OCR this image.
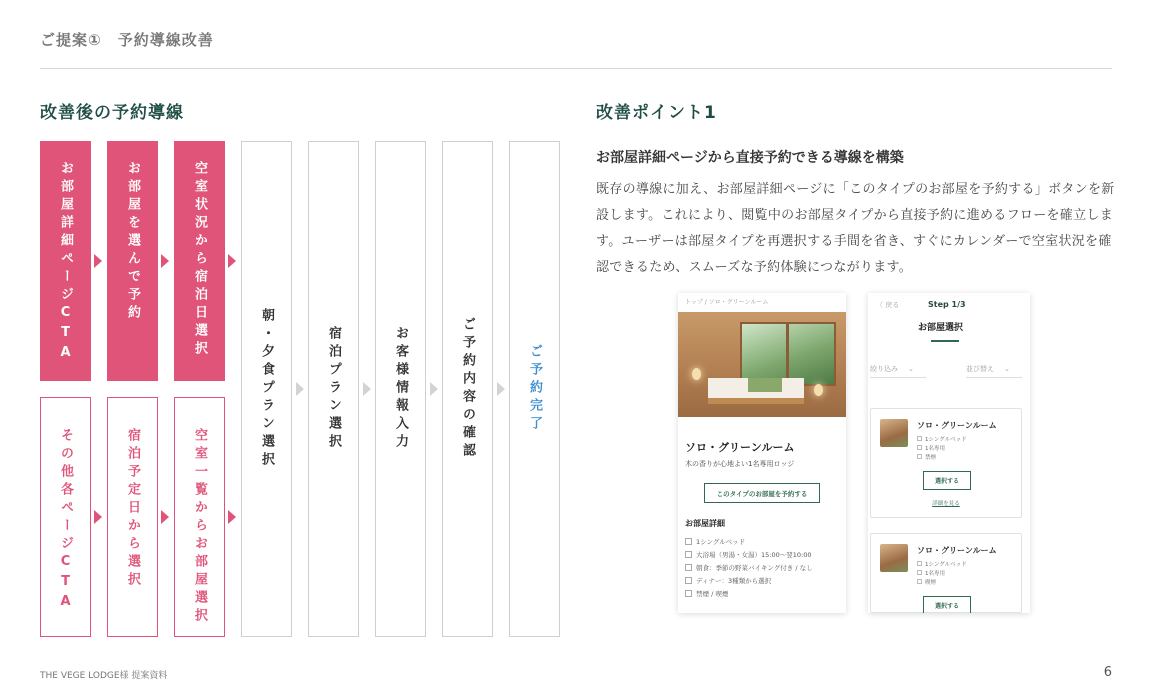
ご提案①　予約導線改善
改善後の予約導線	改善ポイント1
お部屋詳細ページCTA	お部屋を選んで予約	空室状況から宿泊日選択
その他各ページCTA	宿泊予定日から選択	空室一覧からお部屋選択
朝・夕食プラン選択	宿泊プラン選択	お客様情報入力	ご予約内容の確認	ご予約完了
お部屋詳細ページから直接予約できる導線を構築
既存の導線に加え、お部屋詳細ページに「このタイプのお部屋を予約する」ボタンを新設します。これにより、閲覧中のお部屋タイプから直接予約に進めるフローを確立します。ユーザーは部屋タイプを再選択する手間を省き、すぐにカレンダーで空室状況を確認できるため、スムーズな予約体験につながります。
トップ / ソロ・グリーンルーム
ソロ・グリーンルーム
木の香りが心地よい1名専用ロッジ
このタイプのお部屋を予約する
お部屋詳細
1シングルベッド
大浴場（男湯・女湯）15:00〜翌10:00
朝食：季節の野菜バイキング付き / なし
ディナー：3種類から選択
禁煙 / 喫煙
〈 戻る	Step 1/3
お部屋選択
絞り込み ⌄	並び替え ⌄
ソロ・グリーンルーム
1シングルベッド
1名専用
禁煙
選択する
詳細を見る
ソロ・グリーンルーム
1シングルベッド
1名専用
喫煙
選択する
THE VEGE LODGE様 提案資料	6
